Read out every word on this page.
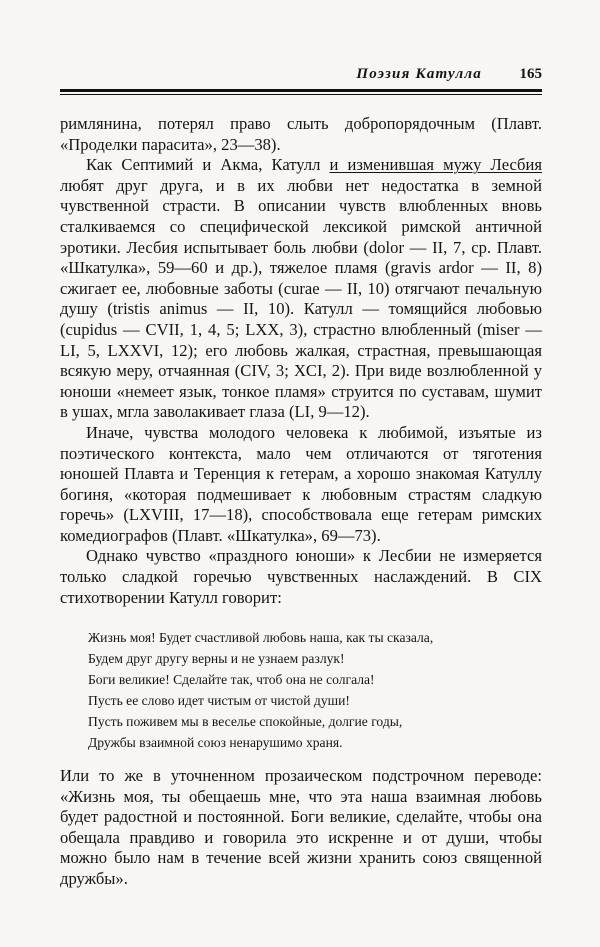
Поэзия Катулла	165

римлянина, потерял право слыть добропорядочным (Плавт. «Проделки парасита», 23—38).

Как Септимий и Акма, Катулл и изменившая мужу Лесбия любят друг друга, и в их любви нет недостатка в земной чувственной страсти. В описании чувств влюбленных вновь сталкиваемся со специфической лексикой римской античной эротики. Лесбия испытывает боль любви (dolor — II, 7, ср. Плавт. «Шкатулка», 59—60 и др.), тяжелое пламя (gravis ardor — II, 8) сжигает ее, любовные заботы (curae — II, 10) отягчают печальную душу (tristis animus — II, 10). Катулл — томящийся любовью (cupidus — CVII, 1, 4, 5; LXX, 3), страстно влюбленный (miser — LI, 5, LXXVI, 12); его любовь жалкая, страстная, превышающая всякую меру, отчаянная (CIV, 3; XCI, 2). При виде возлюбленной у юноши «немеет язык, тонкое пламя» струится по суставам, шумит в ушах, мгла заволакивает глаза (LI, 9—12).

Иначе, чувства молодого человека к любимой, изъятые из поэтического контекста, мало чем отличаются от тяготения юношей Плавта и Теренция к гетерам, а хорошо знакомая Катуллу богиня, «которая подмешивает к любовным страстям сладкую горечь» (LXVIII, 17—18), способствовала еще гетерам римских комедиографов (Плавт. «Шкатулка», 69—73).

Однако чувство «праздного юноши» к Лесбии не измеряется только сладкой горечью чувственных наслаждений. В CIX стихотворении Катулл говорит:

Жизнь моя! Будет счастливой любовь наша, как ты сказала,
Будем друг другу верны и не узнаем разлук!
Боги великие! Сделайте так, чтоб она не солгала!
Пусть ее слово идет чистым от чистой души!
Пусть поживем мы в веселье спокойные, долгие годы,
Дружбы взаимной союз ненарушимо храня.

Или то же в уточненном прозаическом подстрочном переводе: «Жизнь моя, ты обещаешь мне, что эта наша взаимная любовь будет радостной и постоянной. Боги великие, сделайте, чтобы она обещала правдиво и говорила это искренне и от души, чтобы можно было нам в течение всей жизни хранить союз священной дружбы».
